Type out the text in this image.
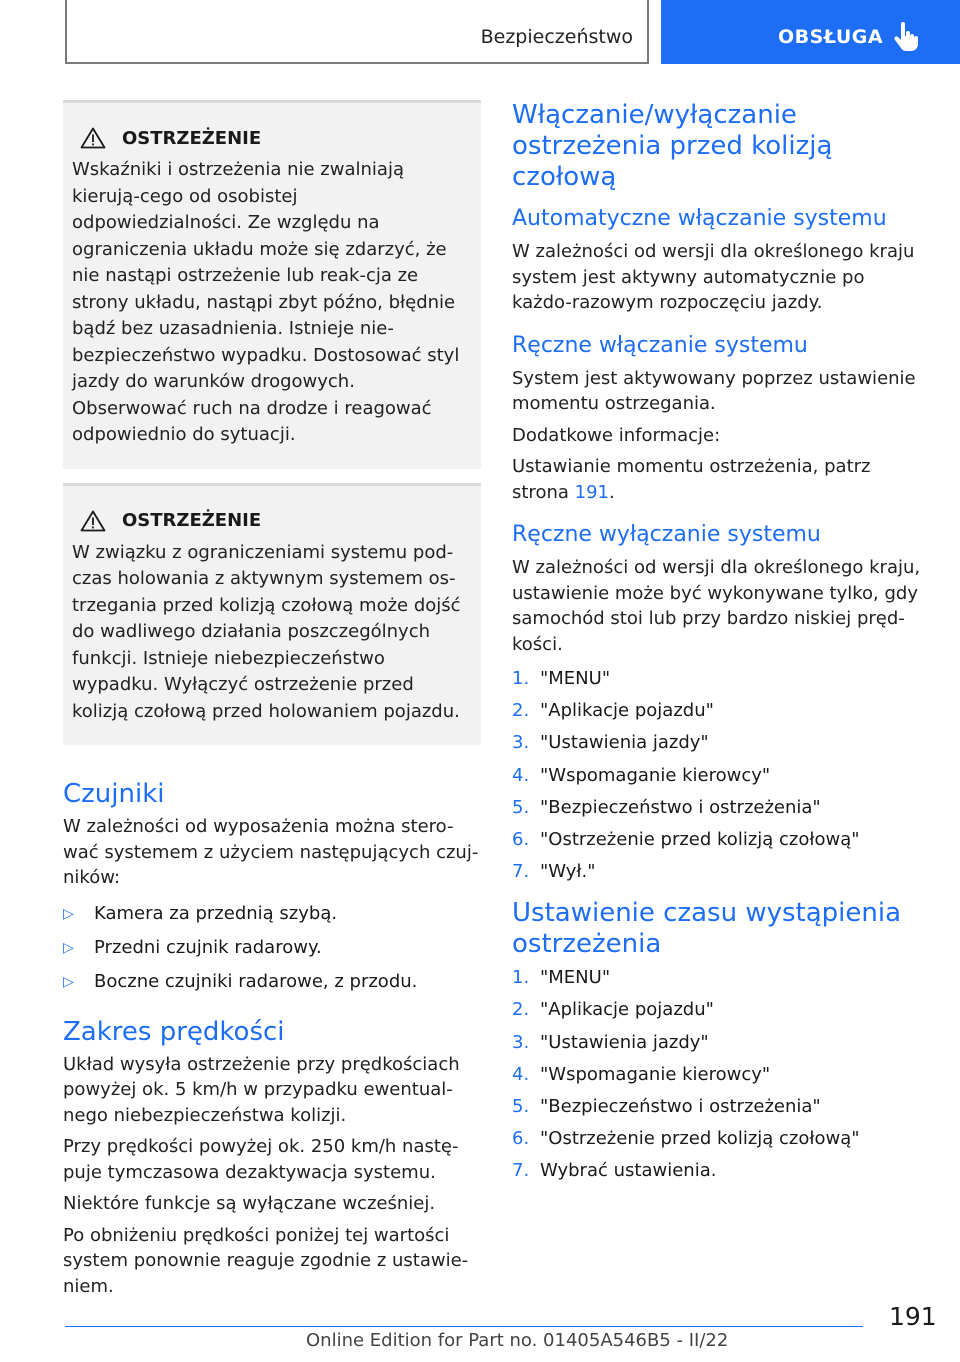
Bezpieczeństwo	OBSŁUGA
OSTRZEŻENIE

Wskaźniki i ostrzeżenia nie zwalniają kierują-cego od osobistej odpowiedzialności. Ze względu na ograniczenia układu może się zdarzyć, że nie nastąpi ostrzeżenie lub reak-cja ze strony układu, nastąpi zbyt późno, błędnie bądź bez uzasadnienia. Istnieje nie-bezpieczeństwo wypadku. Dostosować styl jazdy do warunków drogowych. Obserwować ruch na drodze i reagować odpowiednio do sytuacji.

OSTRZEŻENIE

W związku z ograniczeniami systemu pod-czas holowania z aktywnym systemem os-trzegania przed kolizją czołową może dojść do wadliwego działania poszczególnych funkcji. Istnieje niebezpieczeństwo wypadku. Wyłączyć ostrzeżenie przed kolizją czołową przed holowaniem pojazdu.

Czujniki

W zależności od wyposażenia można stero-wać systemem z użyciem następujących czuj-ników:

▷	Kamera za przednią szybą.
▷	Przedni czujnik radarowy.
▷	Boczne czujniki radarowe, z przodu.
Zakres prędkości

Układ wysyła ostrzeżenie przy prędkościach powyżej ok. 5 km/h w przypadku ewentual-nego niebezpieczeństwa kolizji.

Przy prędkości powyżej ok. 250 km/h nastę-puje tymczasowa dezaktywacja systemu.

Niektóre funkcje są wyłączane wcześniej.

Po obniżeniu prędkości poniżej tej wartości system ponownie reaguje zgodnie z ustawie-niem.

Włączanie/wyłączanie ostrzeżenia przed kolizją czołową
Automatyczne włączanie systemu

W zależności od wersji dla określonego kraju system jest aktywny automatycznie po każdo-razowym rozpoczęciu jazdy.

Ręczne włączanie systemu

System jest aktywowany poprzez ustawienie momentu ostrzegania.

Dodatkowe informacje:

Ustawianie momentu ostrzeżenia, patrz strona 191.

Ręczne wyłączanie systemu

W zależności od wersji dla określonego kraju, ustawienie może być wykonywane tylko, gdy samochód stoi lub przy bardzo niskiej pręd-kości.

1. "MENU"
2. "Aplikacje pojazdu"
3. "Ustawienia jazdy"
4. "Wspomaganie kierowcy"
5. "Bezpieczeństwo i ostrzeżenia"
6. "Ostrzeżenie przed kolizją czołową"
7. "Wył."
Ustawienie czasu wystąpienia ostrzeżenia
1. "MENU"
2. "Aplikacje pojazdu"
3. "Ustawienia jazdy"
4. "Wspomaganie kierowcy"
5. "Bezpieczeństwo i ostrzeżenia"
6. "Ostrzeżenie przed kolizją czołową"
7. Wybrać ustawienia.
191
Online Edition for Part no. 01405A546B5 - II/22
